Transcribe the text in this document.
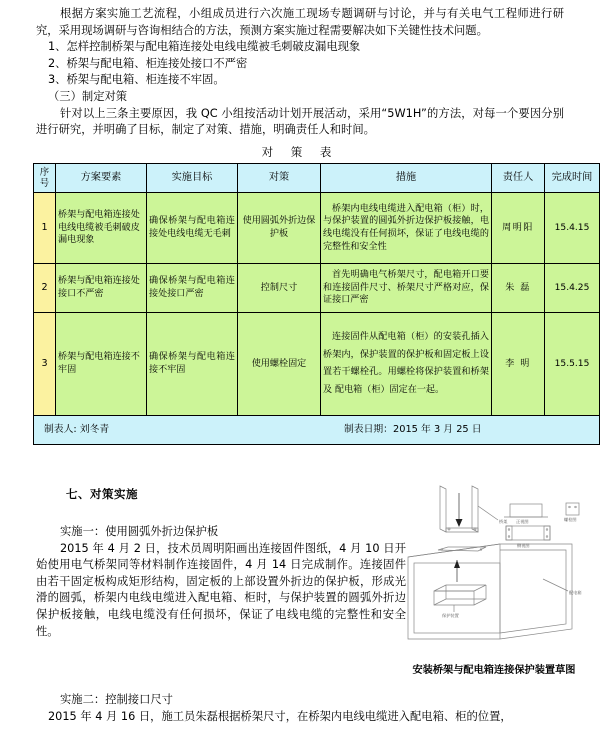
根据方案实施工艺流程，小组成员进行六次施工现场专题调研与讨论，并与有关电气工程师进行研究，采用现场调研与咨询相结合的方法，预测方案实施过程需要解决如下关键性技术问题。

1、怎样控制桥架与配电箱连接处电线电缆被毛刺破皮漏电现象

2、桥架与配电箱、柜连接处接口不严密

3、桥架与配电箱、柜连接不牢固。

（三）制定对策

针对以上三条主要原因，我 QC 小组按活动计划开展活动，采用“5W1H”的方法，对每一个要因分别进行研究，并明确了目标，制定了对策、措施，明确责任人和时间。

对 策 表
序
号	方案要素	实施目标	对策	措施	责任人	完成时间
1	桥架与配电箱连接处电线电缆被毛刺破皮漏电现象	确保桥架与配电箱连接处电线电缆无毛刺	使用圆弧外折边保护板	桥架内电线电缆进入配电箱（柜）时，与保护装置的圆弧外折边保护板接触，电线电缆没有任何损坏，保证了电线电缆的完整性和安全性	周明阳	15.4.15
2	桥架与配电箱连接处接口不严密	确保桥架与配电箱连接处接口严密	控制尺寸	首先明确电气桥架尺寸，配电箱开口要和连接固件尺寸、桥架尺寸严格对应，保证接口严密	朱 磊	15.4.25
3	桥架与配电箱连接不牢固	确保桥架与配电箱连接不牢固	使用螺栓固定	连接固件从配电箱（柜）的安装孔插入桥架内，保护装置的保护板和固定板上设置若干螺栓孔。用螺栓将保护装置和桥架及 配电箱（柜）固定在一起。	李 明	15.5.15

制表人: 刘冬青 制表日期：2015 年 3 月 25 日						
七、对策实施

实施一：使用圆弧外折边保护板

2015 年 4 月 2 日，技术员周明阳画出连接固件图纸，4 月 10 日开始使用电气桥架同等材料制作连接固件，4 月 14 日完成制作。连接固件由若干固定板构成矩形结构，固定板的上部设置外折边的保护板，形成光滑的圆弧，桥架内电线电缆进入配电箱、柜时，与保护装置的圆弧外折边保护板接触，电线电缆没有任何损坏，保证了电线电缆的完整性和安全性。

实施二：控制接口尺寸

2015 年 4 月 16 日，施工员朱磊根据桥架尺寸，在桥架内电线电缆进入配电箱、柜的位置，

桥架 正视图
侧视图
螺栓图
保护装置
配电箱
安装桥架与配电箱连接保护装置草图
